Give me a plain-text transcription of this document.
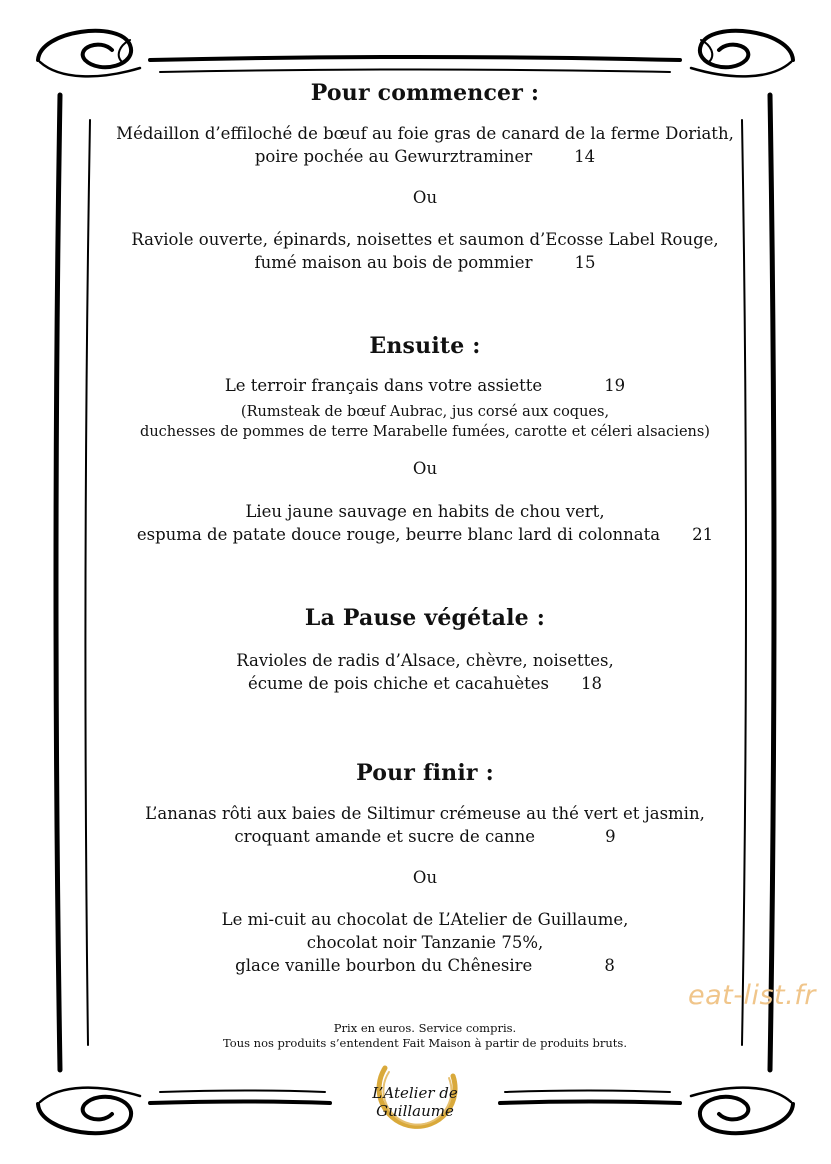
Pour commencer :
Médaillon d’effiloché de bœuf au foie gras de canard de la ferme Doriath,
poire pochée au Gewurztraminer	14
Ou
Raviole ouverte, épinards, noisettes et saumon d’Ecosse Label Rouge,
fumé maison au bois de pommier	15
Ensuite :
Le terroir français dans votre assiette	19
(Rumsteak de bœuf Aubrac, jus corsé aux coques,
duchesses de pommes de terre Marabelle fumées, carotte et céleri alsaciens)
Ou
Lieu jaune sauvage en habits de chou vert,
espuma de patate douce rouge, beurre blanc lard di colonnata 21
La Pause végétale :
Ravioles de radis d’Alsace, chèvre, noisettes,
écume de pois chiche et cacahuètes 18
Pour finir :
L’ananas rôti aux baies de Siltimur crémeuse au thé vert et jasmin,
croquant amande et sucre de canne	9
Ou
Le mi-cuit au chocolat de L’Atelier de Guillaume,
chocolat noir Tanzanie 75%,
glace vanille bourbon du Chênesire	8
Prix en euros. Service compris.
Tous nos produits s’entendent Fait Maison à partir de produits bruts.
eat-list.fr
L’Atelier de Guillaume
